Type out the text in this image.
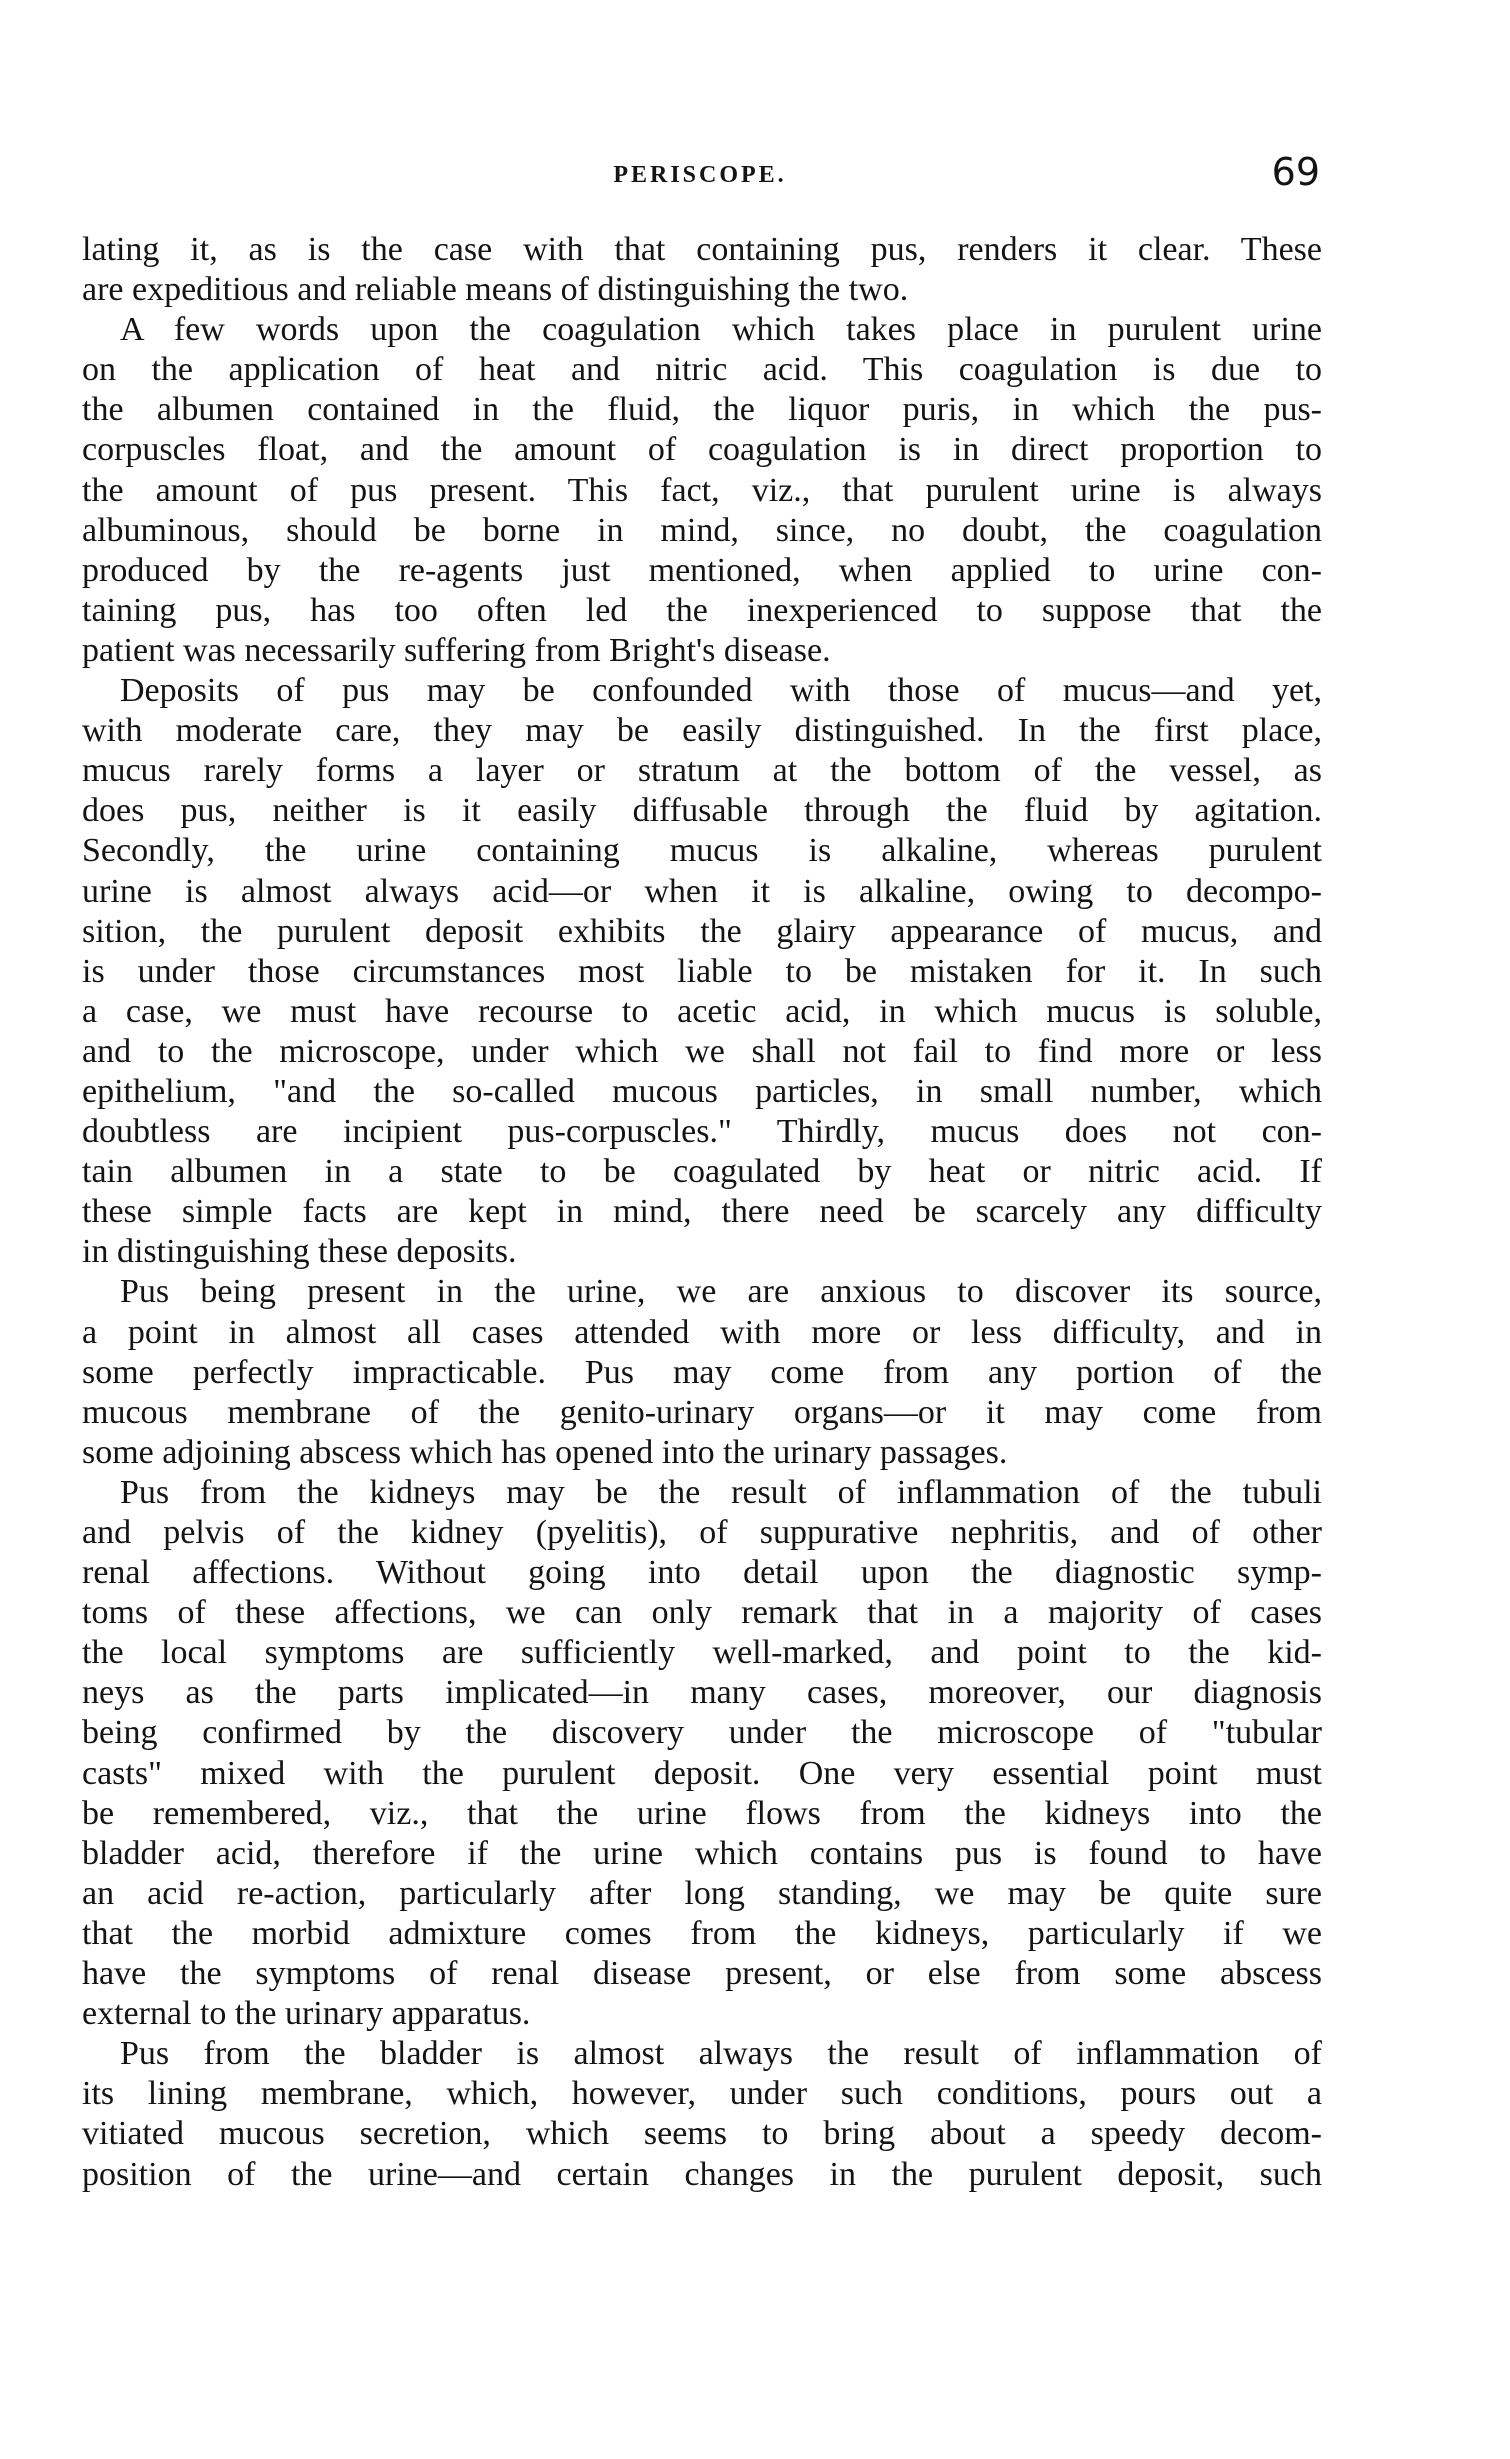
PERISCOPE.	69
lating it, as is the case with that containing pus, renders it clear. These
are expeditious and reliable means of distinguishing the two.
A few words upon the coagulation which takes place in purulent urine
on the application of heat and nitric acid. This coagulation is due to
the albumen contained in the fluid, the liquor puris, in which the pus-
corpuscles float, and the amount of coagulation is in direct proportion to
the amount of pus present. This fact, viz., that purulent urine is always
albuminous, should be borne in mind, since, no doubt, the coagulation
produced by the re-agents just mentioned, when applied to urine con-
taining pus, has too often led the inexperienced to suppose that the
patient was necessarily suffering from Bright's disease.
Deposits of pus may be confounded with those of mucus—and yet,
with moderate care, they may be easily distinguished. In the first place,
mucus rarely forms a layer or stratum at the bottom of the vessel, as
does pus, neither is it easily diffusable through the fluid by agitation.
Secondly, the urine containing mucus is alkaline, whereas purulent
urine is almost always acid—or when it is alkaline, owing to decompo-
sition, the purulent deposit exhibits the glairy appearance of mucus, and
is under those circumstances most liable to be mistaken for it. In such
a case, we must have recourse to acetic acid, in which mucus is soluble,
and to the microscope, under which we shall not fail to find more or less
epithelium, "and the so-called mucous particles, in small number, which
doubtless are incipient pus-corpuscles." Thirdly, mucus does not con-
tain albumen in a state to be coagulated by heat or nitric acid. If
these simple facts are kept in mind, there need be scarcely any difficulty
in distinguishing these deposits.
Pus being present in the urine, we are anxious to discover its source,
a point in almost all cases attended with more or less difficulty, and in
some perfectly impracticable. Pus may come from any portion of the
mucous membrane of the genito-urinary organs—or it may come from
some adjoining abscess which has opened into the urinary passages.
Pus from the kidneys may be the result of inflammation of the tubuli
and pelvis of the kidney (pyelitis), of suppurative nephritis, and of other
renal affections. Without going into detail upon the diagnostic symp-
toms of these affections, we can only remark that in a majority of cases
the local symptoms are sufficiently well-marked, and point to the kid-
neys as the parts implicated—in many cases, moreover, our diagnosis
being confirmed by the discovery under the microscope of "tubular
casts" mixed with the purulent deposit. One very essential point must
be remembered, viz., that the urine flows from the kidneys into the
bladder acid, therefore if the urine which contains pus is found to have
an acid re-action, particularly after long standing, we may be quite sure
that the morbid admixture comes from the kidneys, particularly if we
have the symptoms of renal disease present, or else from some abscess
external to the urinary apparatus.
Pus from the bladder is almost always the result of inflammation of
its lining membrane, which, however, under such conditions, pours out a
vitiated mucous secretion, which seems to bring about a speedy decom-
position of the urine—and certain changes in the purulent deposit, such
